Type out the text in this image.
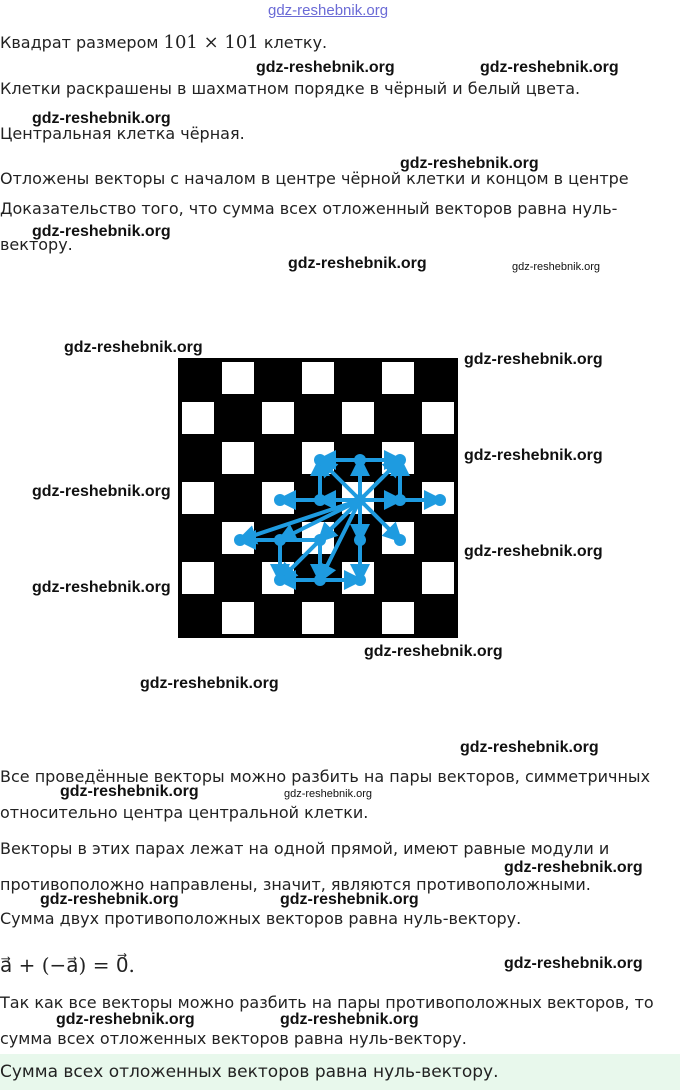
gdz-reshebnik.org
Квадрат размером 101 × 101 клетку.
Клетки раскрашены в шахматном порядке в чёрный и белый цвета.
Центральная клетка чёрная.
Отложены векторы с началом в центре чёрной клетки и концом в центре
Доказательство того, что сумма всех отложенный векторов равна нуль-
вектору.
Все проведённые векторы можно разбить на пары векторов, симметричных
относительно центра центральной клетки.
Векторы в этих парах лежат на одной прямой, имеют равные модули и
противоположно направлены, значит, являются противоположными.
Сумма двух противоположных векторов равна нуль-вектору.
a⃗ + (−a⃗) = 0⃗.
Так как все векторы можно разбить на пары противоположных векторов, то
сумма всех отложенных векторов равна нуль-вектору.
Сумма всех отложенных векторов равна нуль-вектору.
gdz-reshebnik.org	gdz-reshebnik.org
gdz-reshebnik.org
gdz-reshebnik.org
gdz-reshebnik.org
gdz-reshebnik.org	gdz-reshebnik.org
gdz-reshebnik.org
gdz-reshebnik.org
gdz-reshebnik.org
gdz-reshebnik.org
gdz-reshebnik.org
gdz-reshebnik.org
gdz-reshebnik.org
gdz-reshebnik.org
gdz-reshebnik.org
gdz-reshebnik.org	gdz-reshebnik.org
gdz-reshebnik.org
gdz-reshebnik.org	gdz-reshebnik.org
gdz-reshebnik.org
gdz-reshebnik.org	gdz-reshebnik.org
